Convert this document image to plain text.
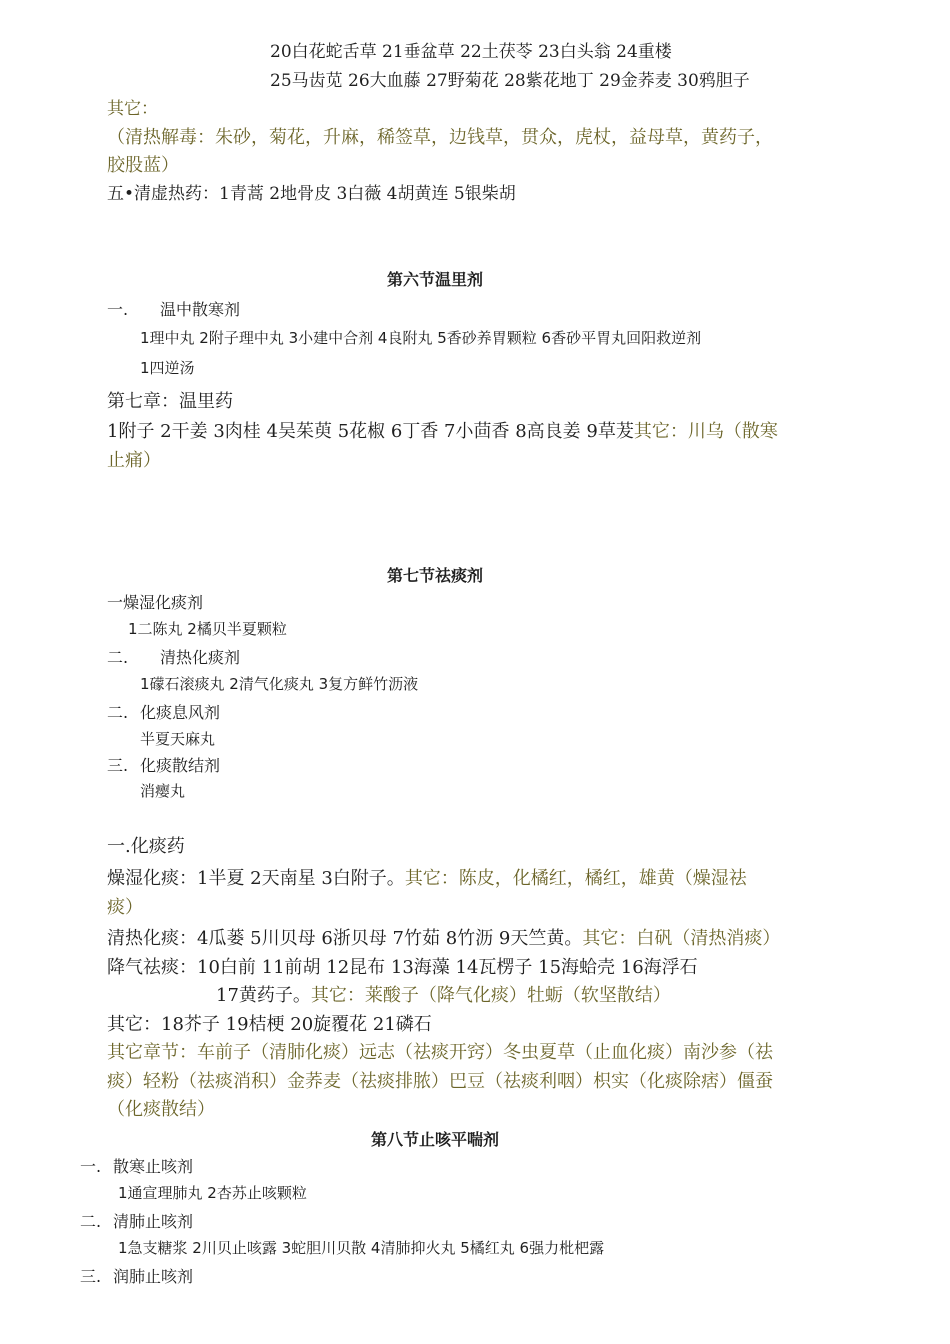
20白花蛇舌草 21垂盆草 22土茯苓 23白头翁 24重楼
25马齿苋 26大血藤 27野菊花 28紫花地丁 29金荞麦 30鸦胆子
其它：
（清热解毒：朱砂，菊花，升麻，稀签草，边钱草，贯众，虎杖，益母草，黄药子，
胶股蓝）
五•清虚热药：1青蒿 2地骨皮 3白薇 4胡黄连 5银柴胡
第六节温里剂
一. 温中散寒剂
1理中丸 2附子理中丸 3小建中合剂 4良附丸 5香砂养胃颗粒 6香砂平胃丸回阳救逆剂
1四逆汤
第七章：温里药
1附子 2干姜 3肉桂 4吴茱萸 5花椒 6丁香 7小茴香 8高良姜 9草茇其它：川乌（散寒
止痛）
第七节祛痰剂
一燥湿化痰剂
1二陈丸 2橘贝半夏颗粒
二. 清热化痰剂
1礞石滚痰丸 2清气化痰丸 3复方鲜竹沥液
二. 化痰息风剂
半夏天麻丸
三. 化痰散结剂
消瘿丸
一.化痰药
燥湿化痰：1半夏 2天南星 3白附子。其它：陈皮，化橘红，橘红，雄黄（燥湿祛
痰）
清热化痰：4瓜蒌 5川贝母 6浙贝母 7竹茹 8竹沥 9天竺黄。其它：白矾（清热消痰）
降气祛痰：10白前 11前胡 12昆布 13海藻 14瓦楞子 15海蛤壳 16海浮石
17黄药子。其它：莱酸子（降气化痰）牡蛎（软坚散结）
其它：18芥子 19桔梗 20旋覆花 21磷石
其它章节：车前子（清肺化痰）远志（祛痰开窍）冬虫夏草（止血化痰）南沙参（祛
痰）轻粉（祛痰消积）金荞麦（祛痰排脓）巴豆（祛痰利咽）枳实（化痰除痞）僵蚕
（化痰散结）
第八节止咳平喘剂
一. 散寒止咳剂
1通宣理肺丸 2杏苏止咳颗粒
二. 清肺止咳剂
1急支糖浆 2川贝止咳露 3蛇胆川贝散 4清肺抑火丸 5橘红丸 6强力枇杷露
三. 润肺止咳剂
